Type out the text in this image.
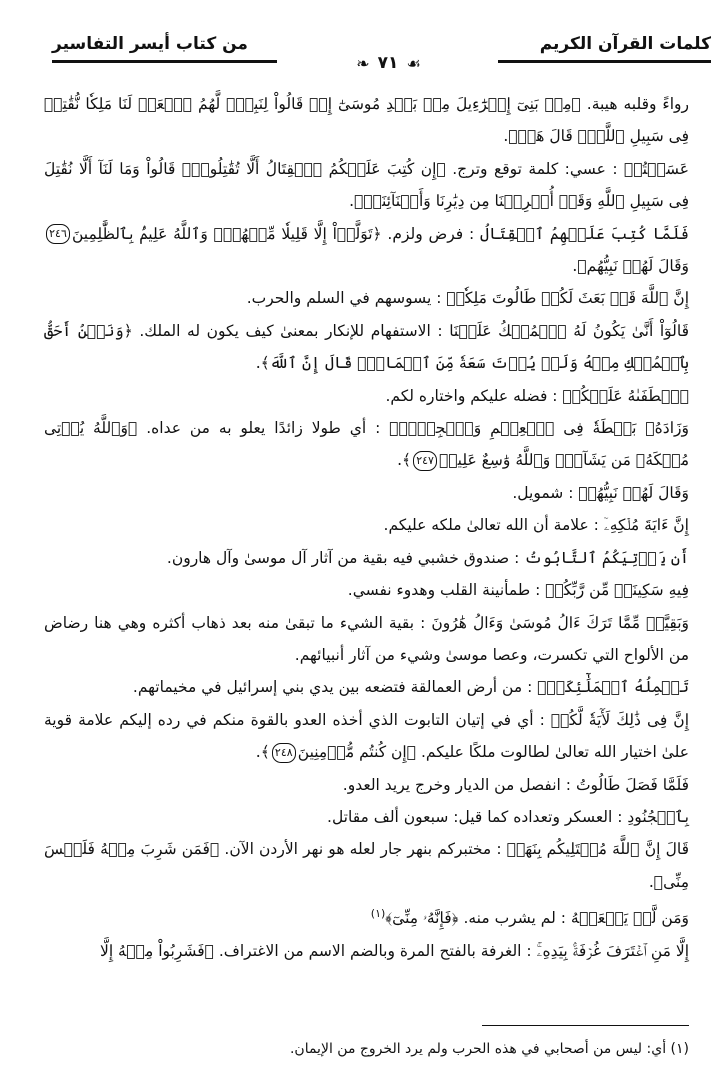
كلمات القرآن الكريم
من كتاب أيسر التفاسير
☙
٧١
❧

رواءً وقلبه هيبة. ﴿مِنۢ بَنِىٓ إِسۡرَٰٓءِيلَ مِنۢ بَعۡدِ مُوسَىٰٓ إِذۡ قَالُواْ لِنَبِىّٖ لَّهُمُ ٱبۡعَثۡ لَنَا مَلِكٗا نُّقَٰتِلۡ فِى سَبِيلِ ٱللَّهِۖ قَالَ هَلۡ﴾.

عَسَيۡتُمۡ : عسي: كلمة توقع وترج. ﴿إِن كُتِبَ عَلَيۡكُمُ ٱلۡقِتَالُ أَلَّا تُقَٰتِلُواْۖ قَالُواْ وَمَا لَنَآ أَلَّا نُقَٰتِلَ فِى سَبِيلِ ٱللَّهِ وَقَدۡ أُخۡرِجۡنَا مِن دِيَٰرِنَا وَأَبۡنَآئِنَاۖ﴾.

فَلَمَّا كُتِبَ عَلَيۡهِمُ ٱلۡقِتَالُ : فرض ولزم. ﴿تَوَلَّوۡاْ إِلَّا قَلِيلٗا مِّنۡهُمۡۚ وَٱللَّهُ عَلِيمُۢ بِٱلظَّٰلِمِينَ٢٤٦ وَقَالَ لَهُمۡ نَبِيُّهُم﴾.

إِنَّ ٱللَّهَ قَدۡ بَعَثَ لَكُمۡ طَالُوتَ مَلِكٗاۚ : يسوسهم في السلم والحرب.

قَالُوٓاْ أَنَّىٰ يَكُونُ لَهُ ٱلۡمُلۡكُ عَلَيۡنَا : الاستفهام للإنكار بمعنىٰ كيف يكون له الملك. ﴿وَنَحۡنُ أَحَقُّ بِٱلۡمُلۡكِ مِنۡهُ وَلَمۡ يُؤۡتَ سَعَةٗ مِّنَ ٱلۡمَالِۚ قَالَ إِنَّ ٱللَّهَ﴾.

ٱصۡطَفَىٰهُ عَلَيۡكُمۡ : فضله عليكم واختاره لكم.

وَزَادَهُۥ بَسۡطَةٗ فِى ٱلۡعِلۡمِ وَٱلۡجِسۡمِۖ : أي طولا زائدًا يعلو به من عداه. ﴿وَٱللَّهُ يُؤۡتِى مُلۡكَهُۥ مَن يَشَآءُۚ وَٱللَّهُ وَٰسِعٌ عَلِيمٞ٢٤٧﴾.

وَقَالَ لَهُمۡ نَبِيُّهُمۡ : شمويل.

إِنَّ ءَايَةَ مُلۡكِهِۦٓ : علامة أن الله تعالىٰ ملكه عليكم.

أَن يَأۡتِيَكُمُ ٱلتَّابُوتُ : صندوق خشبي فيه بقية من آثار آل موسىٰ وآل هارون.

فِيهِ سَكِينَةٞ مِّن رَّبِّكُمۡ : طمأنينة القلب وهدوء نفسي.

وَبَقِيَّةٞ مِّمَّا تَرَكَ ءَالُ مُوسَىٰ وَءَالُ هَٰرُونَ : بقية الشيء ما تبقىٰ منه بعد ذهاب أكثره وهي هنا رضاض من الألواح التي تكسرت، وعصا موسىٰ وشيء من آثار أنبيائهم.

تَحۡمِلُهُ ٱلۡمَلَٰٓئِكَةُۚ : من أرض العمالقة فتضعه بين يدي بني إسرائيل في مخيماتهم.

إِنَّ فِى ذَٰلِكَ لَأٓيَةٗ لَّكُمۡ : أي في إتيان التابوت الذي أخذه العدو بالقوة منكم في رده إليكم علامة قوية علىٰ اختيار الله تعالىٰ لطالوت ملكًا عليكم. ﴿إِن كُنتُم مُّؤۡمِنِينَ٢٤٨﴾.

فَلَمَّا فَصَلَ طَالُوتُ : انفصل من الديار وخرج يريد العدو.

بِٱلۡجُنُودِ : العسكر وتعداده كما قيل: سبعون ألف مقاتل.

قَالَ إِنَّ ٱللَّهَ مُبۡتَلِيكُم بِنَهَرٖ : مختبركم بنهر جار لعله هو نهر الأردن الآن. ﴿فَمَن شَرِبَ مِنۡهُ فَلَيۡسَ مِنِّى﴾.

وَمَن لَّمۡ يَطۡعَمۡهُ : لم يشرب منه. ﴿فَإِنَّهُۥ مِنِّىٓ﴾$^{(١)}$

إِلَّا مَنِ ٱغۡتَرَفَ غُرۡفَةَۢ بِيَدِهِۦۚ : الغرفة بالفتح المرة وبالضم الاسم من الاغتراف. ﴿فَشَرِبُواْ مِنۡهُ إِلَّا

(١) أي: ليس من أصحابي في هذه الحرب ولم يرد الخروج من الإيمان.
